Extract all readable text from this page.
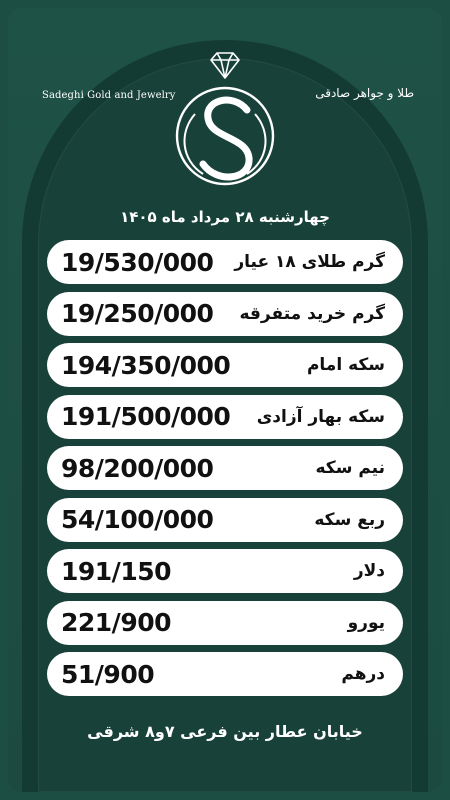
Sadeghi Gold and Jewelry	طلا و جواهر صادقی
چهارشنبه ۲۸ مرداد ماه ۱۴۰۵
19/530/000 گرم طلای ۱۸ عیار
19/250/000 گرم خرید متفرقه
194/350/000	سکه امام
191/500/000 سکه بهار آزادی
98/200/000	نیم سکه
54/100/000	ربع سکه
191/150	دلار
221/900	یورو
51/900	درهم
خیابان عطار بین فرعی ۷و۸ شرقی
